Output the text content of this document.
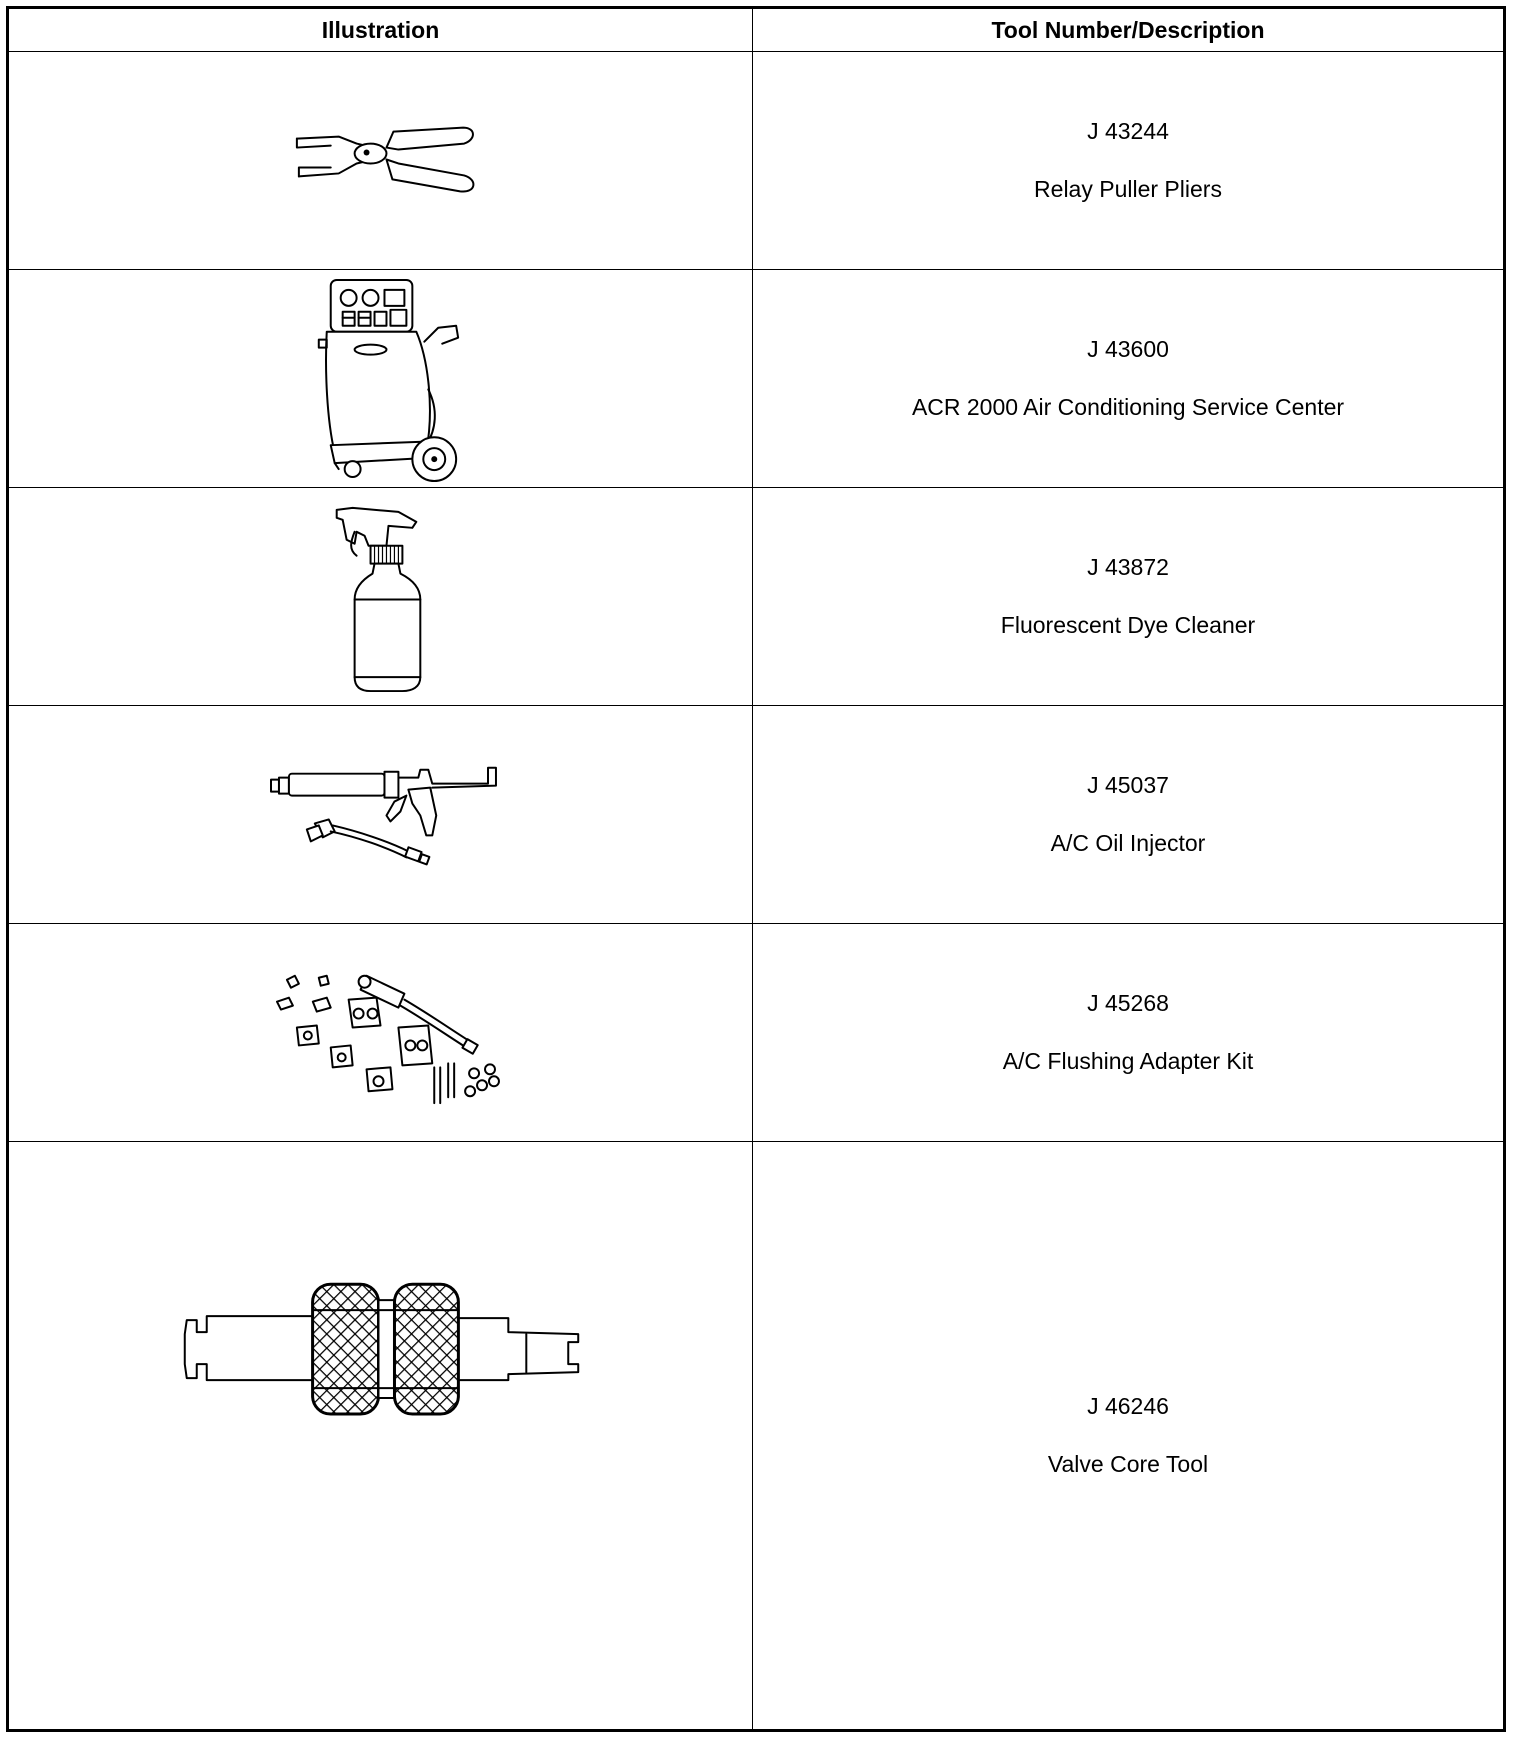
Illustration	Tool Number/Description
J 43244
Relay Puller Pliers
J 43600
ACR 2000 Air Conditioning Service Center
J 43872
Fluorescent Dye Cleaner
J 45037
A/C Oil Injector
J 45268
A/C Flushing Adapter Kit
J 46246
Valve Core Tool
